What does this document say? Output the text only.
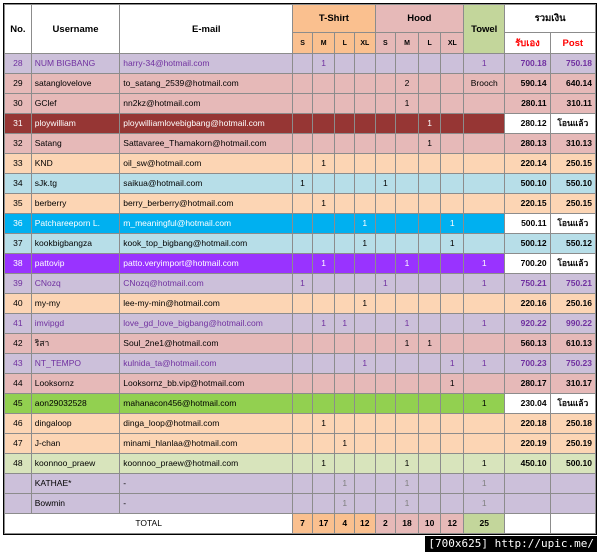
No.	Username	E-mail	T-Shirt				Hood				Towel	รวมเงิน	
			S	M	L	XL	S	M	L	XL		รับเอง	Post
28	NUM BIGBANG	harry-34@hotmail.com		1							1	700.18	750.18
29	satanglovelove	to_satang_2539@hotmail.com						2			Brooch	590.14	640.14
30	GClef	nn2kz@hotmail.com						1				280.11	310.11
31	ploywilliam	ploywilliamlovebigbang@hotmail.com							1			280.12	โอนแล้ว
32	Satang	Sattavaree_Thamakorn@hotmail.com							1			280.13	310.13
33	KND	oil_sw@hotmail.com		1								220.14	250.15
34	sJk.tg	saikua@hotmail.com	1				1					500.10	550.10
35	berberry	berry_berberry@hotmail.com		1								220.15	250.15
36	Patchareeporn L.	m_meaningful@hotmail.com				1				1		500.11	โอนแล้ว
37	kookbigbangza	kook_top_bigbang@hotmail.com				1				1		500.12	550.12
38	pattovip	patto.veryimport@hotmail.com		1				1			1	700.20	โอนแล้ว
39	CNozq	CNozq@hotmail.com	1				1				1	750.21	750.21
40	my-my	lee-my-min@hotmail.com				1						220.16	250.16
41	imvipgd	love_gd_love_bigbang@hotmail.com		1	1			1			1	920.22	990.22
42	ริสา	Soul_2ne1@hotmail.com						1	1			560.13	610.13
43	NT_TEMPO	kulnida_ta@hotmail.com				1				1	1	700.23	750.23
44	Looksornz	Looksornz_bb.vip@hotmail.com								1		280.17	310.17
45	aon29032528	mahanacon456@hotmail.com									1	230.04	โอนแล้ว
46	dingaloop	dinga_loop@hotmail.com		1								220.18	250.18
47	J-chan	minami_hlanlaa@hotmail.com			1							220.19	250.19
48	koonnoo_praew	koonnoo_praew@hotmail.com		1				1			1	450.10	500.10
	KATHAE*	-			1			1			1		
	Bowmin	-			1			1			1		
TOTAL			7	17	4	12	2	18	10	12	25		
[700x625] http://upic.me/
